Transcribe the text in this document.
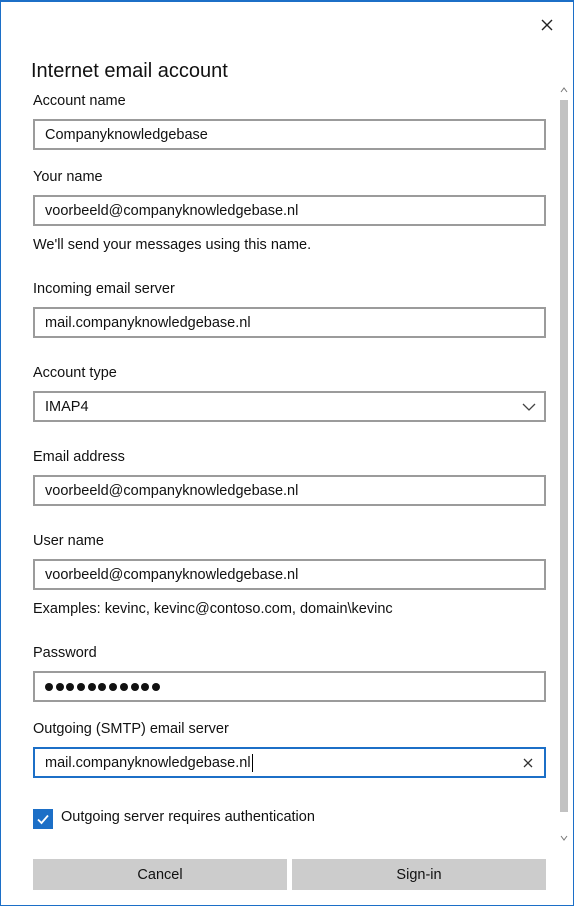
Internet email account
Account name
Companyknowledgebase
Your name
voorbeeld@companyknowledgebase.nl
We'll send your messages using this name.
Incoming email server
mail.companyknowledgebase.nl
Account type
IMAP4
Email address
voorbeeld@companyknowledgebase.nl
User name
voorbeeld@companyknowledgebase.nl
Examples: kevinc, kevinc@contoso.com, domain\kevinc
Password
Outgoing (SMTP) email server
mail.companyknowledgebase.nl
Outgoing server requires authentication
Cancel	Sign-in
